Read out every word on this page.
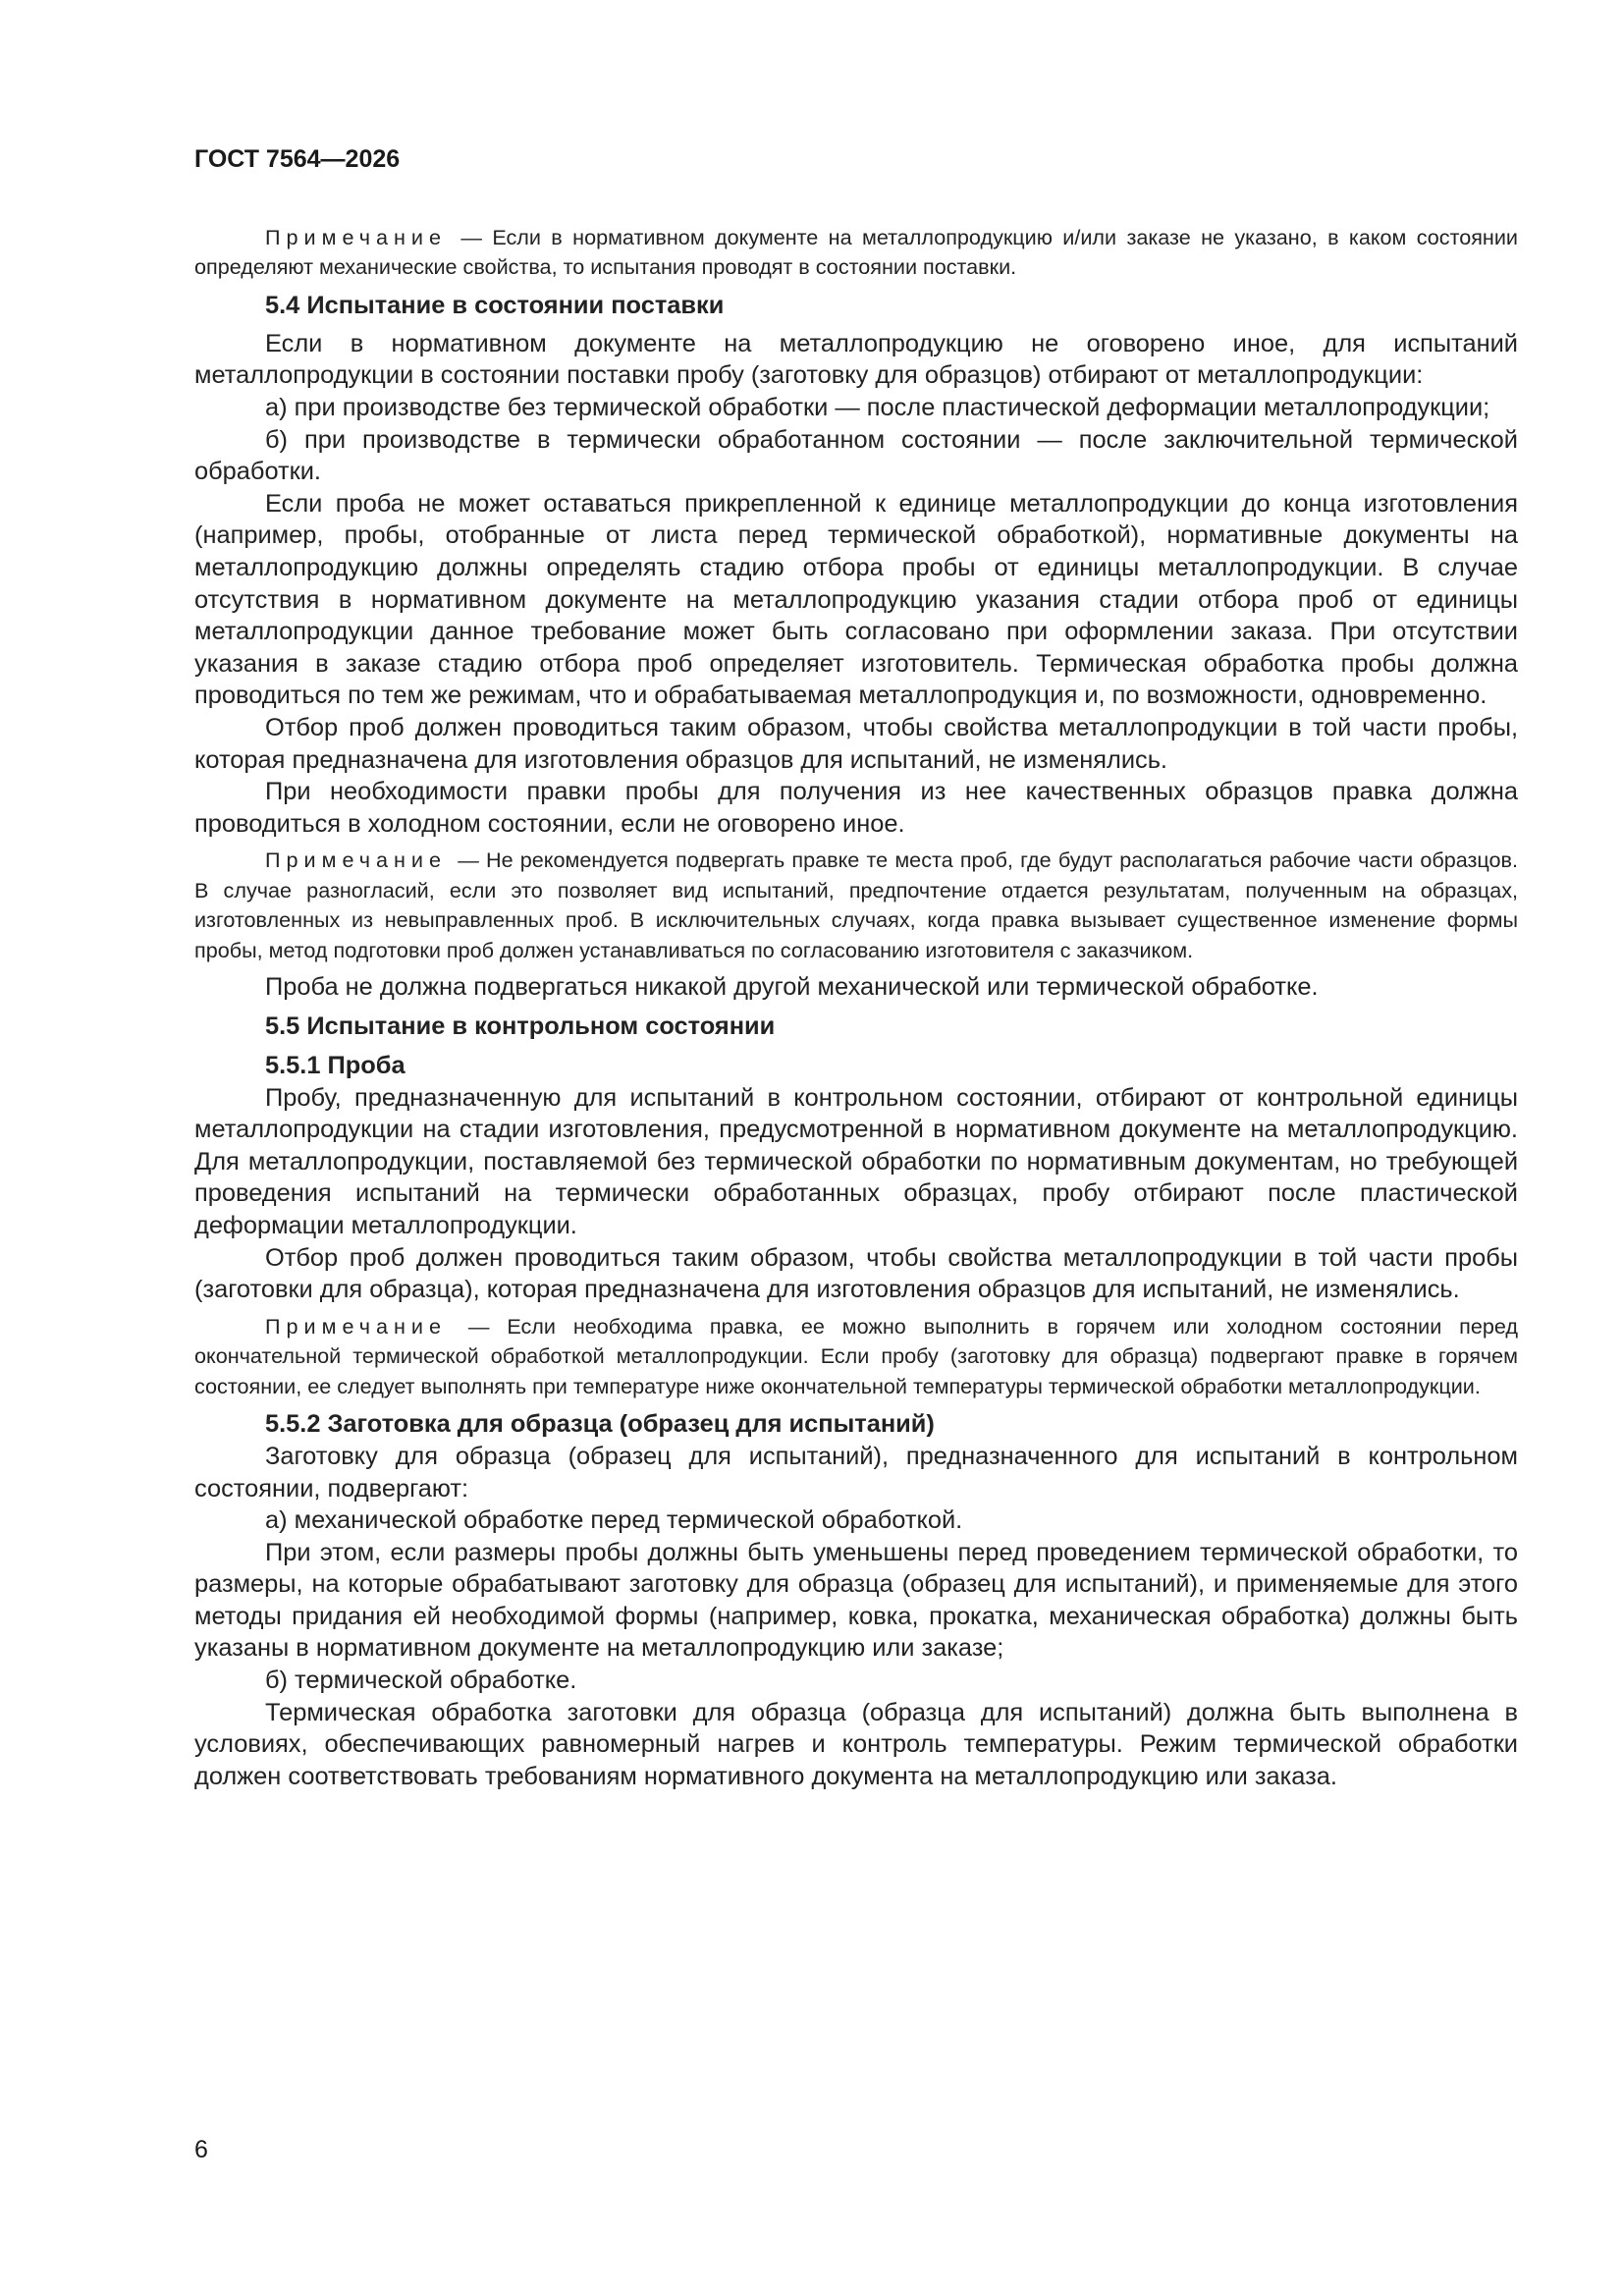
ГОСТ 7564—2026

Примечание — Если в нормативном документе на металлопродукцию и/или заказе не указано, в каком состоянии определяют механические свойства, то испытания проводят в состоянии поставки.

5.4 Испытание в состоянии поставки

Если в нормативном документе на металлопродукцию не оговорено иное, для испытаний металлопродукции в состоянии поставки пробу (заготовку для образцов) отбирают от металлопродукции:

а) при производстве без термической обработки — после пластической деформации металлопродукции;

б) при производстве в термически обработанном состоянии — после заключительной термической обработки.

Если проба не может оставаться прикрепленной к единице металлопродукции до конца изготовления (например, пробы, отобранные от листа перед термической обработкой), нормативные документы на металлопродукцию должны определять стадию отбора пробы от единицы металлопродукции. В случае отсутствия в нормативном документе на металлопродукцию указания стадии отбора проб от единицы металлопродукции данное требование может быть согласовано при оформлении заказа. При отсутствии указания в заказе стадию отбора проб определяет изготовитель. Термическая обработка пробы должна проводиться по тем же режимам, что и обрабатываемая металлопродукция и, по возможности, одновременно.

Отбор проб должен проводиться таким образом, чтобы свойства металлопродукции в той части пробы, которая предназначена для изготовления образцов для испытаний, не изменялись.

При необходимости правки пробы для получения из нее качественных образцов правка должна проводиться в холодном состоянии, если не оговорено иное.

Примечание — Не рекомендуется подвергать правке те места проб, где будут располагаться рабочие части образцов. В случае разногласий, если это позволяет вид испытаний, предпочтение отдается результатам, полученным на образцах, изготовленных из невыправленных проб. В исключительных случаях, когда правка вызывает существенное изменение формы пробы, метод подготовки проб должен устанавливаться по согласованию изготовителя с заказчиком.

Проба не должна подвергаться никакой другой механической или термической обработке.

5.5 Испытание в контрольном состоянии

5.5.1 Проба

Пробу, предназначенную для испытаний в контрольном состоянии, отбирают от контрольной единицы металлопродукции на стадии изготовления, предусмотренной в нормативном документе на металлопродукцию. Для металлопродукции, поставляемой без термической обработки по нормативным документам, но требующей проведения испытаний на термически обработанных образцах, пробу отбирают после пластической деформации металлопродукции.

Отбор проб должен проводиться таким образом, чтобы свойства металлопродукции в той части пробы (заготовки для образца), которая предназначена для изготовления образцов для испытаний, не изменялись.

Примечание — Если необходима правка, ее можно выполнить в горячем или холодном состоянии перед окончательной термической обработкой металлопродукции. Если пробу (заготовку для образца) подвергают правке в горячем состоянии, ее следует выполнять при температуре ниже окончательной температуры термической обработки металлопродукции.

5.5.2 Заготовка для образца (образец для испытаний)

Заготовку для образца (образец для испытаний), предназначенного для испытаний в контрольном состоянии, подвергают:

а) механической обработке перед термической обработкой.

При этом, если размеры пробы должны быть уменьшены перед проведением термической обработки, то размеры, на которые обрабатывают заготовку для образца (образец для испытаний), и применяемые для этого методы придания ей необходимой формы (например, ковка, прокатка, механическая обработка) должны быть указаны в нормативном документе на металлопродукцию или заказе;

б) термической обработке.

Термическая обработка заготовки для образца (образца для испытаний) должна быть выполнена в условиях, обеспечивающих равномерный нагрев и контроль температуры. Режим термической обработки должен соответствовать требованиям нормативного документа на металлопродукцию или заказа.

6
